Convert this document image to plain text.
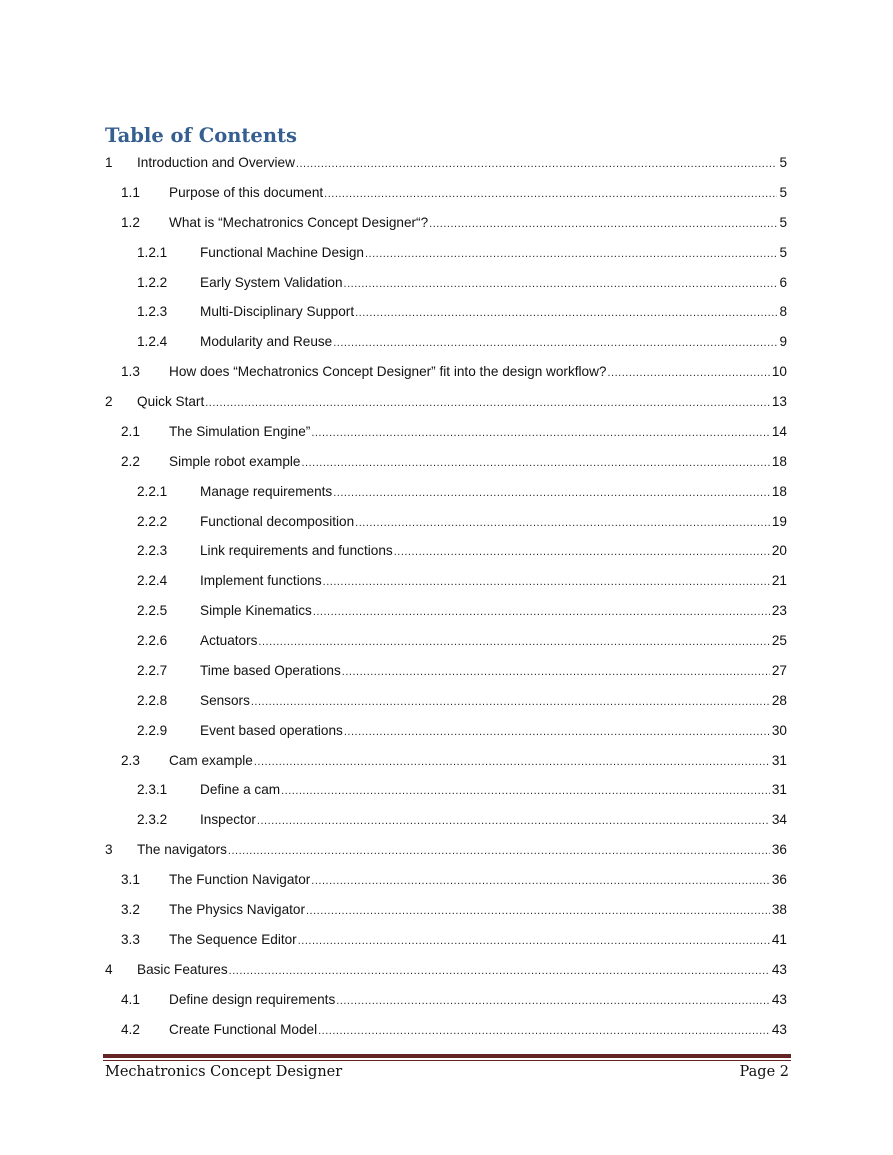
Table of Contents
1	Introduction and Overview .....	5
1.1	Purpose of this document .....	5
1.2	What is “Mechatronics Concept Designer“? .....	5
1.2.1	Functional Machine Design .....	5
1.2.2	Early System Validation .....	6
1.2.3	Multi-Disciplinary Support .....	8
1.2.4	Modularity and Reuse .....	9
1.3	How does “Mechatronics Concept Designer” fit into the design workflow? .....	10
2	Quick Start .....	13
2.1	The Simulation Engine” .....	14
2.2	Simple robot example .....	18
2.2.1	Manage requirements .....	18
2.2.2	Functional decomposition .....	19
2.2.3	Link requirements and functions .....	20
2.2.4	Implement functions .....	21
2.2.5	Simple Kinematics .....	23
2.2.6	Actuators .....	25
2.2.7	Time based Operations .....	27
2.2.8	Sensors .....	28
2.2.9	Event based operations .....	30
2.3	Cam example .....	31
2.3.1	Define a cam .....	31
2.3.2	Inspector .....	34
3	The navigators .....	36
3.1	The Function Navigator .....	36
3.2	The Physics Navigator .....	38
3.3	The Sequence Editor .....	41
4	Basic Features .....	43
4.1	Define design requirements .....	43
4.2	Create Functional Model .....	43
Mechatronics Concept Designer	Page 2
